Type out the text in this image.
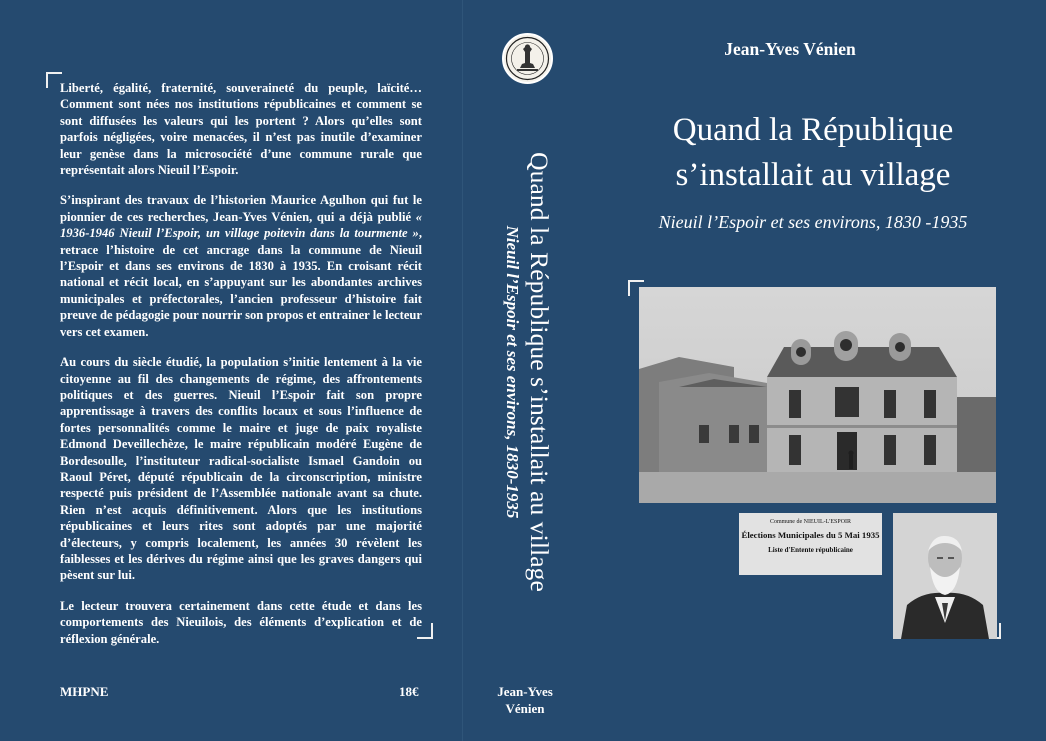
Liberté, égalité, fraternité, souveraineté du peuple, laïcité… Comment sont nées nos institutions républicaines et comment se sont diffusées les valeurs qui les portent ? Alors qu’elles sont parfois négligées, voire menacées, il n’est pas inutile d’examiner leur genèse dans la microsociété d’une commune rurale que représentait alors Nieuil l’Espoir.

S’inspirant des travaux de l’historien Maurice Agulhon qui fut le pionnier de ces recherches, Jean-Yves Vénien, qui a déjà publié « 1936-1946 Nieuil l’Espoir, un village poitevin dans la tourmente », retrace l’histoire de cet ancrage dans la commune de Nieuil l’Espoir et dans ses environs de 1830 à 1935. En croisant récit national et récit local, en s’appuyant sur les abondantes archives municipales et préfectorales, l’ancien professeur d’histoire fait preuve de pédagogie pour nourrir son propos et entrainer le lecteur vers cet examen.

Au cours du siècle étudié, la population s’initie lentement à la vie citoyenne au fil des changements de régime, des affrontements politiques et des guerres. Nieuil l’Espoir fait son propre apprentissage à travers des conflits locaux et sous l’influence de fortes personnalités comme le maire et juge de paix royaliste Edmond Deveillechèze, le maire républicain modéré Eugène de Bordesoulle, l’instituteur radical-socialiste Ismael Gandoin ou Raoul Péret, député républicain de la circonscription, ministre respecté puis président de l’Assemblée nationale avant sa chute. Rien n’est acquis définitivement. Alors que les institutions républicaines et leurs rites sont adoptés par une majorité d’électeurs, y compris localement, les années 30 révèlent les faiblesses et les dérives du régime ainsi que les graves dangers qui pèsent sur lui.

Le lecteur trouvera certainement dans cette étude et dans les comportements des Nieuilois, des éléments d’explication et de réflexion générale.

MHPNE	18€
Quand la République s’installait au village
Nieuil l’Espoir et ses environs, 1830-1935
Jean-Yves
Vénien
Jean-Yves Vénien
Quand la République
s’installait au village
Nieuil l’Espoir et ses environs, 1830 -1935
Commune de NIEUIL-L'ESPOIR
Élections Municipales du 5 Mai 1935
Liste d'Entente républicaine
